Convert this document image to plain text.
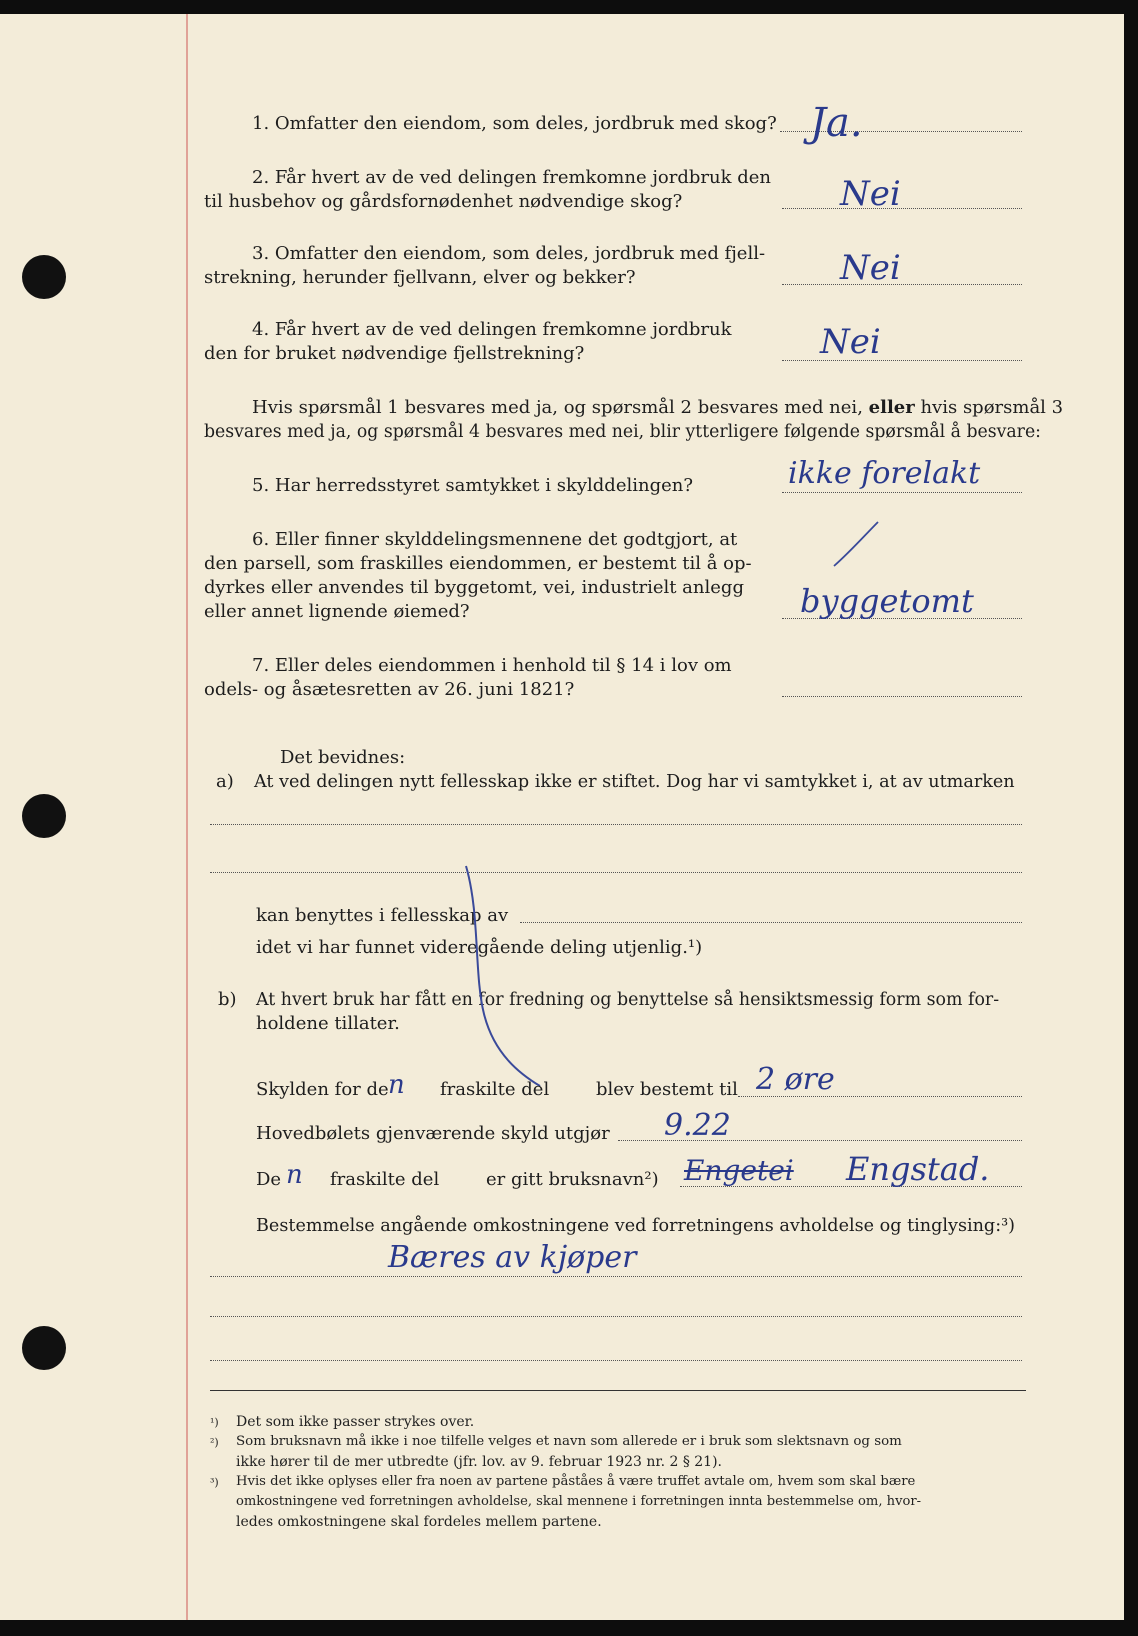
1. Omfatter den eiendom, som deles, jordbruk med skog? Ja.
2. Får hvert av de ved delingen fremkomne jordbruk den
til husbehov og gårdsfornødenhet nødvendige skog?	Nei
3. Omfatter den eiendom, som deles, jordbruk med fjell-
strekning, herunder fjellvann, elver og bekker?	Nei
4. Får hvert av de ved delingen fremkomne jordbruk
den for bruket nødvendige fjellstrekning?	Nei
Hvis spørsmål 1 besvares med ja, og spørsmål 2 besvares med nei, eller hvis spørsmål 3
besvares med ja, og spørsmål 4 besvares med nei, blir ytterligere følgende spørsmål å besvare:
5. Har herredsstyret samtykket i skylddelingen?	ikke forelakt
6. Eller finner skylddelingsmennene det godtgjort, at
den parsell, som fraskilles eiendommen, er bestemt til å op-
dyrkes eller anvendes til byggetomt, vei, industrielt anlegg
eller annet lignende øiemed?	byggetomt
7. Eller deles eiendommen i henhold til § 14 i lov om
odels- og åsætesretten av 26. juni 1821?
Det bevidnes:
a) At ved delingen nytt fellesskap ikke er stiftet. Dog har vi samtykket i, at av utmarken
kan benyttes i fellesskap av
idet vi har funnet videregående deling utjenlig.¹)
b) At hvert bruk har fått en for fredning og benyttelse så hensiktsmessig form som for-
holdene tillater.
Skylden for de n fraskilte del	blev bestemt til 2 øre
Hovedbølets gjenværende skyld utgjør 9.22
De n fraskilte del	er gitt bruksnavn²) Engetei Engstad.
Bestemmelse angående omkostningene ved forretningens avholdelse og tinglysing:³)
Bæres av kjøper
¹) Det som ikke passer strykes over.
²) Som bruksnavn må ikke i noe tilfelle velges et navn som allerede er i bruk som slektsnavn og som
ikke hører til de mer utbredte (jfr. lov. av 9. februar 1923 nr. 2 § 21).
³) Hvis det ikke oplyses eller fra noen av partene påståes å være truffet avtale om, hvem som skal bære
omkostningene ved forretningen avholdelse, skal mennene i forretningen innta bestemmelse om, hvor-
ledes omkostningene skal fordeles mellem partene.
